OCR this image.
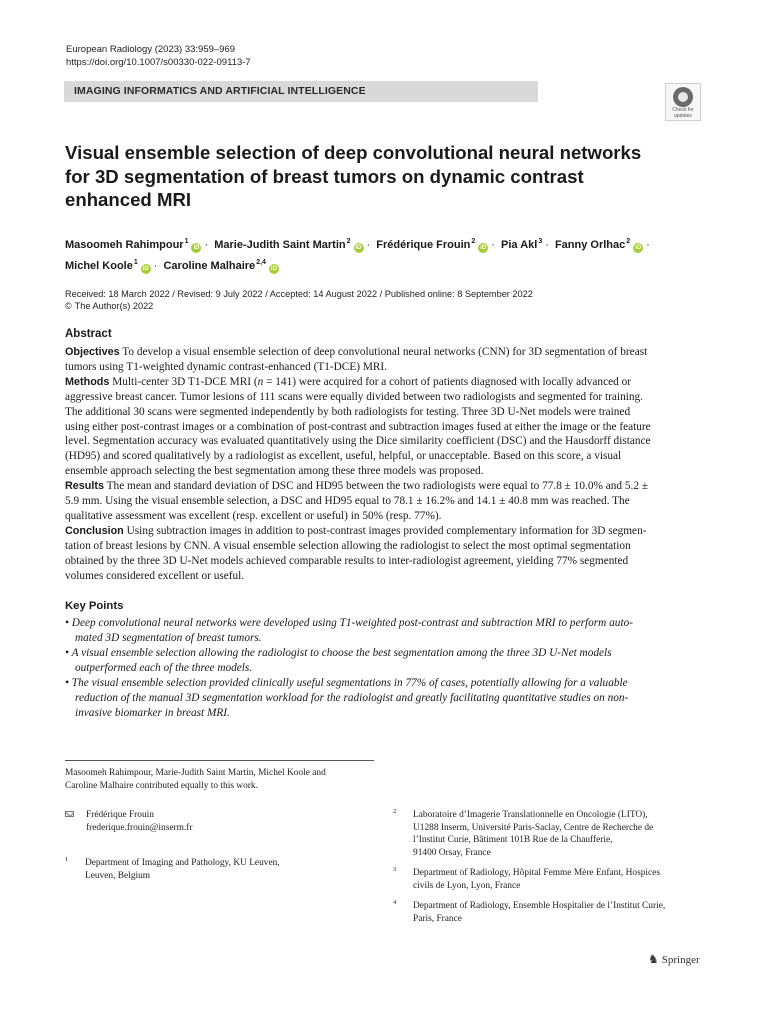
European Radiology (2023) 33:959–969
https://doi.org/10.1007/s00330-022-09113-7
IMAGING INFORMATICS AND ARTIFICIAL INTELLIGENCE
Check for
updates
Visual ensemble selection of deep convolutional neural networks
for 3D segmentation of breast tumors on dynamic contrast
enhanced MRI
Masoomeh Rahimpour$^1$iD · Marie-Judith Saint Martin$^2$iD · Frédérique Frouin$^2$iD · Pia Akl$^3$ · Fanny Orlhac$^2$iD ·
Michel Koole$^1$iD · Caroline Malhaire$^{2,4}$iD
Received: 18 March 2022 / Revised: 9 July 2022 / Accepted: 14 August 2022 / Published online: 8 September 2022
© The Author(s) 2022
Abstract
Objectives To develop a visual ensemble selection of deep convolutional neural networks (CNN) for 3D segmentation of breast
tumors using T1-weighted dynamic contrast-enhanced (T1-DCE) MRI.
Methods Multi-center 3D T1-DCE MRI (n = 141) were acquired for a cohort of patients diagnosed with locally advanced or
aggressive breast cancer. Tumor lesions of 111 scans were equally divided between two radiologists and segmented for training.
The additional 30 scans were segmented independently by both radiologists for testing. Three 3D U-Net models were trained
using either post-contrast images or a combination of post-contrast and subtraction images fused at either the image or the feature
level. Segmentation accuracy was evaluated quantitatively using the Dice similarity coefficient (DSC) and the Hausdorff distance
(HD95) and scored qualitatively by a radiologist as excellent, useful, helpful, or unacceptable. Based on this score, a visual
ensemble approach selecting the best segmentation among these three models was proposed.
Results The mean and standard deviation of DSC and HD95 between the two radiologists were equal to 77.8 ± 10.0% and 5.2 ±
5.9 mm. Using the visual ensemble selection, a DSC and HD95 equal to 78.1 ± 16.2% and 14.1 ± 40.8 mm was reached. The
qualitative assessment was excellent (resp. excellent or useful) in 50% (resp. 77%).
Conclusion Using subtraction images in addition to post-contrast images provided complementary information for 3D segmen-
tation of breast lesions by CNN. A visual ensemble selection allowing the radiologist to select the most optimal segmentation
obtained by the three 3D U-Net models achieved comparable results to inter-radiologist agreement, yielding 77% segmented
volumes considered excellent or useful.
Key Points
• Deep convolutional neural networks were developed using T1-weighted post-contrast and subtraction MRI to perform auto-
mated 3D segmentation of breast tumors.
• A visual ensemble selection allowing the radiologist to choose the best segmentation among the three 3D U-Net models
outperformed each of the three models.
• The visual ensemble selection provided clinically useful segmentations in 77% of cases, potentially allowing for a valuable
reduction of the manual 3D segmentation workload for the radiologist and greatly facilitating quantitative studies on non-
invasive biomarker in breast MRI.
Masoomeh Rahimpour, Marie-Judith Saint Martin, Michel Koole and
Caroline Malhaire contributed equally to this work.
Frédérique Frouin
frederique.frouin@inserm.fr
1	Department of Imaging and Pathology, KU Leuven,
Leuven, Belgium
2	Laboratoire d’Imagerie Translationnelle en Oncologie (LITO),
U1288 Inserm, Université Paris-Saclay, Centre de Recherche de
l’Institut Curie, Bâtiment 101B Rue de la Chaufferie,
91400 Orsay, France
3	Department of Radiology, Hôpital Femme Mère Enfant, Hospices
civils de Lyon, Lyon, France
4	Department of Radiology, Ensemble Hospitalier de l’Institut Curie,
Paris, France
♞ Springer
